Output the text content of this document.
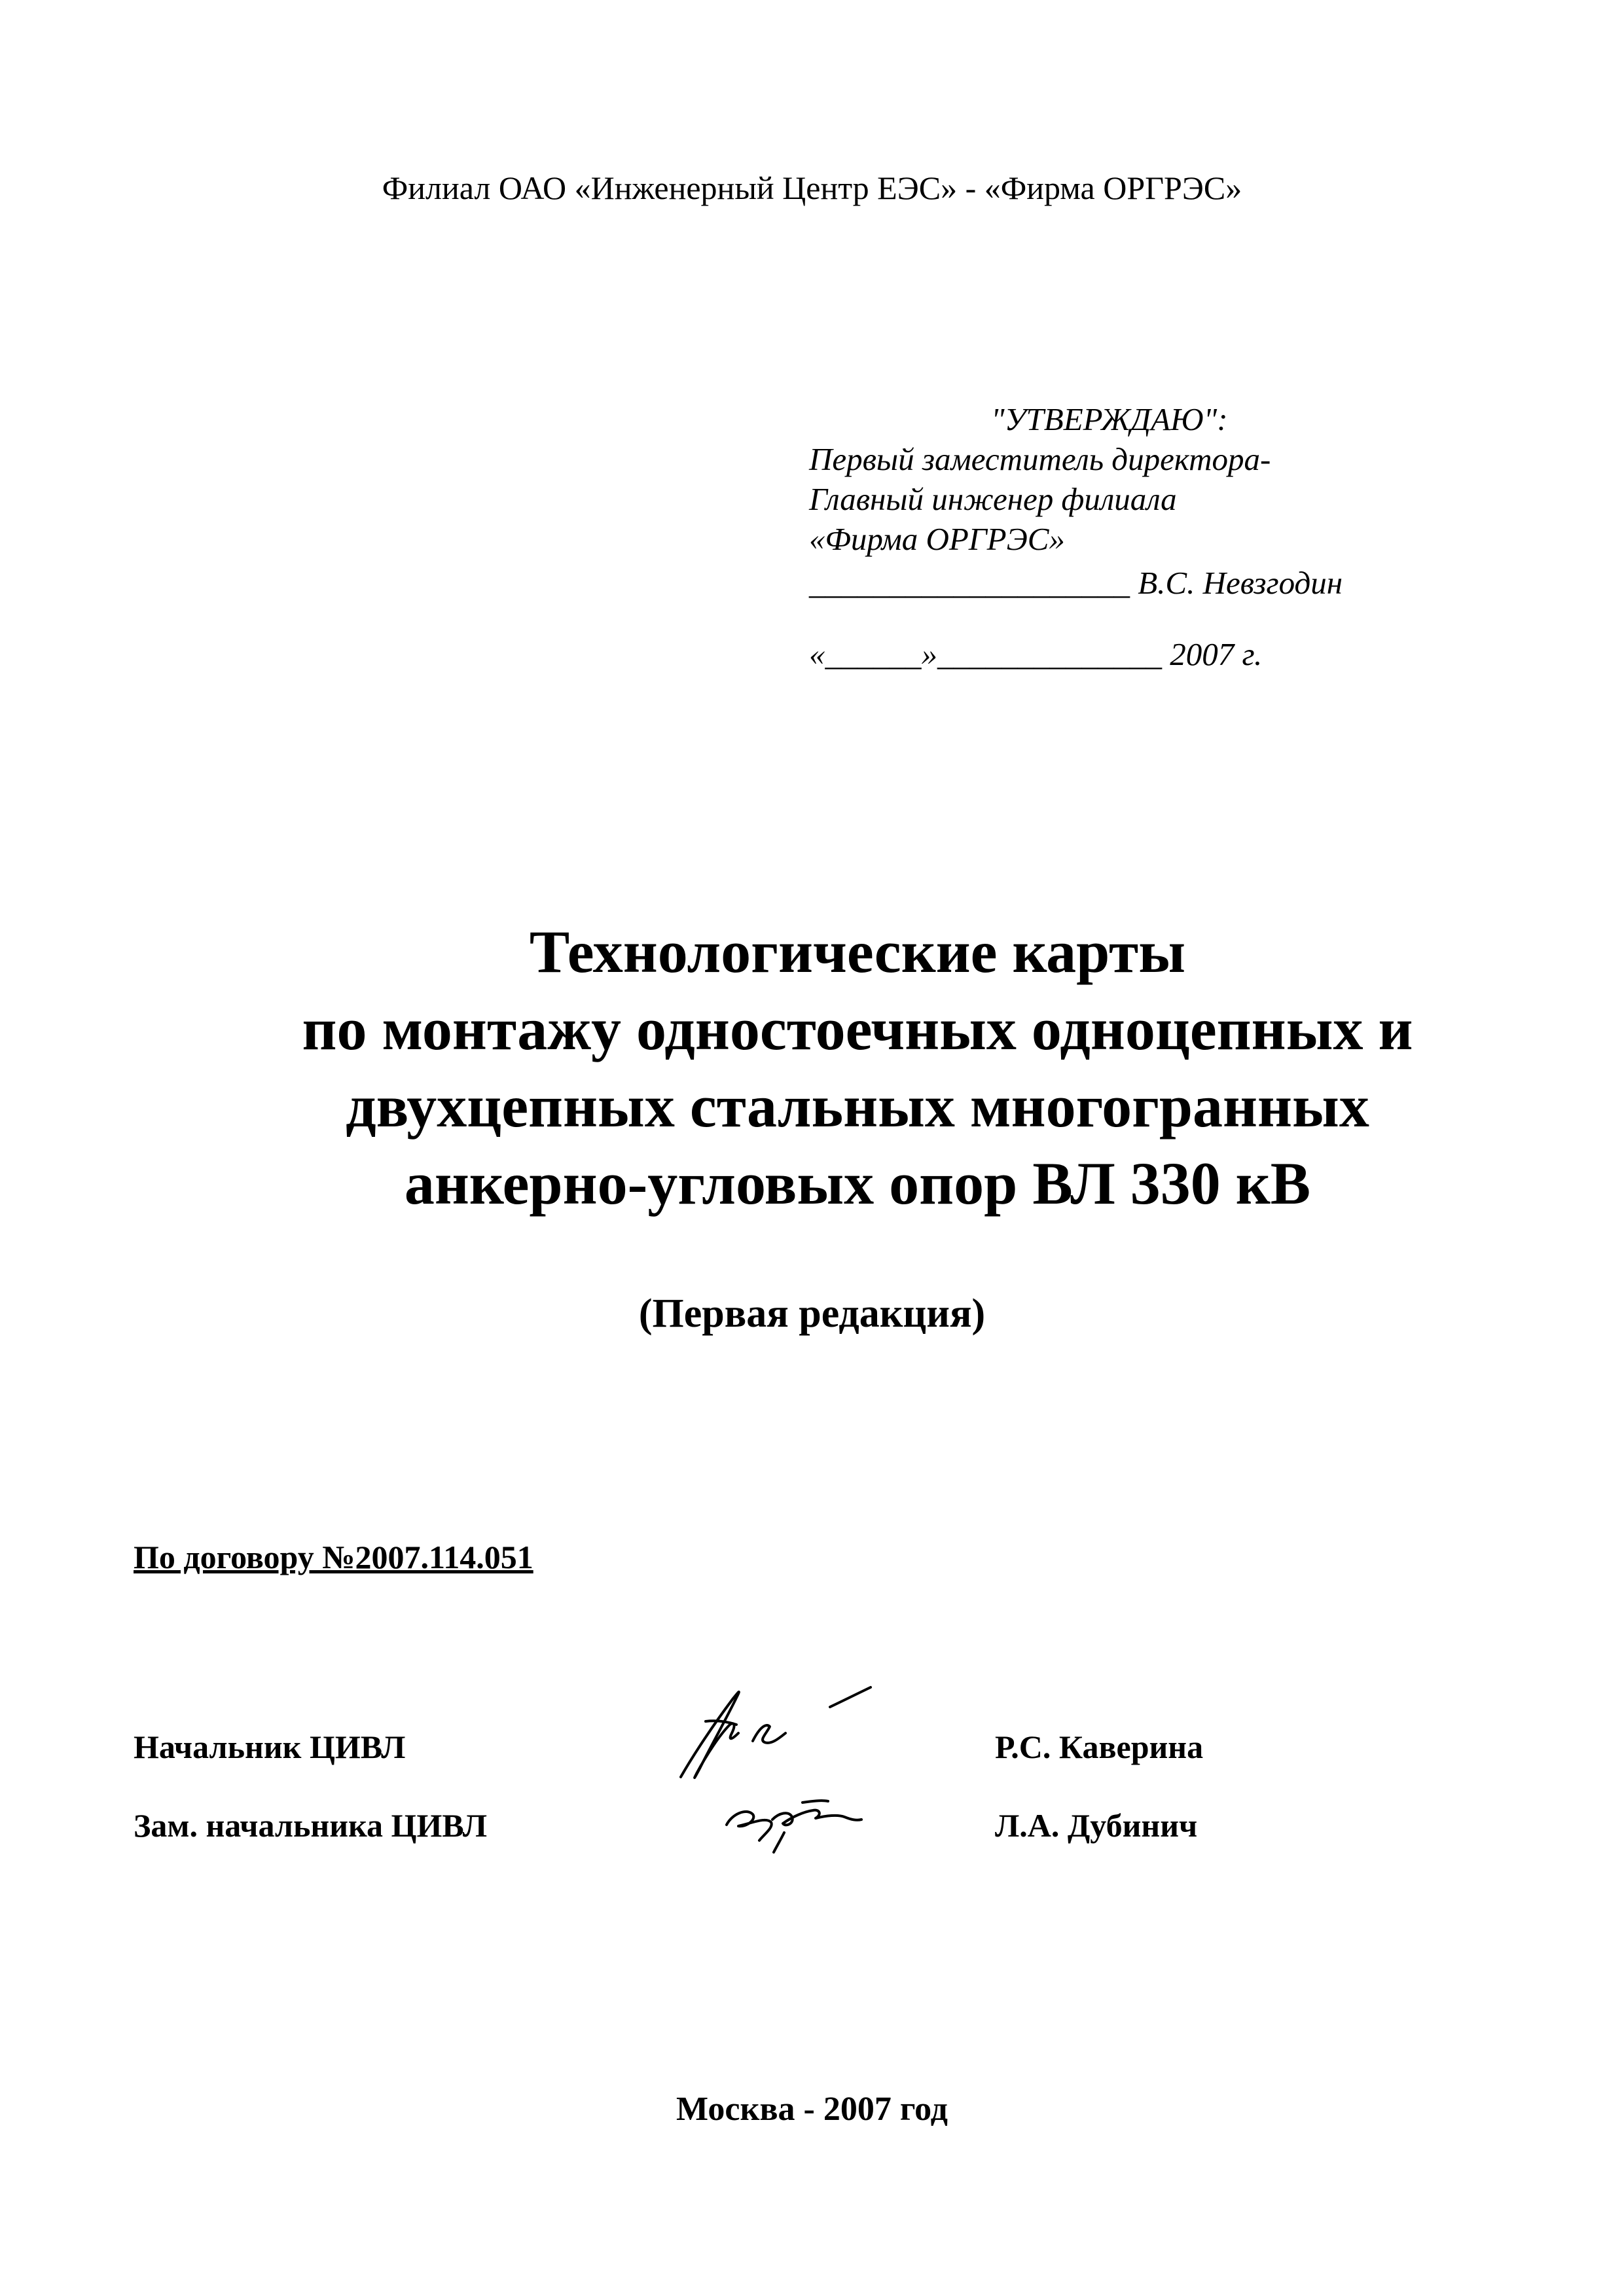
Филиал ОАО «Инженерный Центр ЕЭС» - «Фирма ОРГРЭС»
"УТВЕРЖДАЮ":
Первый заместитель директора-
Главный инженер филиала
«Фирма ОРГРЭС»
____________________ В.С. Невзгодин
«______»______________ 2007 г.
Технологические карты
по монтажу одностоечных одноцепных и
двухцепных стальных многогранных
анкерно-угловых опор ВЛ 330 кВ
(Первая редакция)
По договору №2007.114.051
Начальник ЦИВЛ	Р.С. Каверина
Зам. начальника ЦИВЛ	Л.А. Дубинич
Москва - 2007 год
